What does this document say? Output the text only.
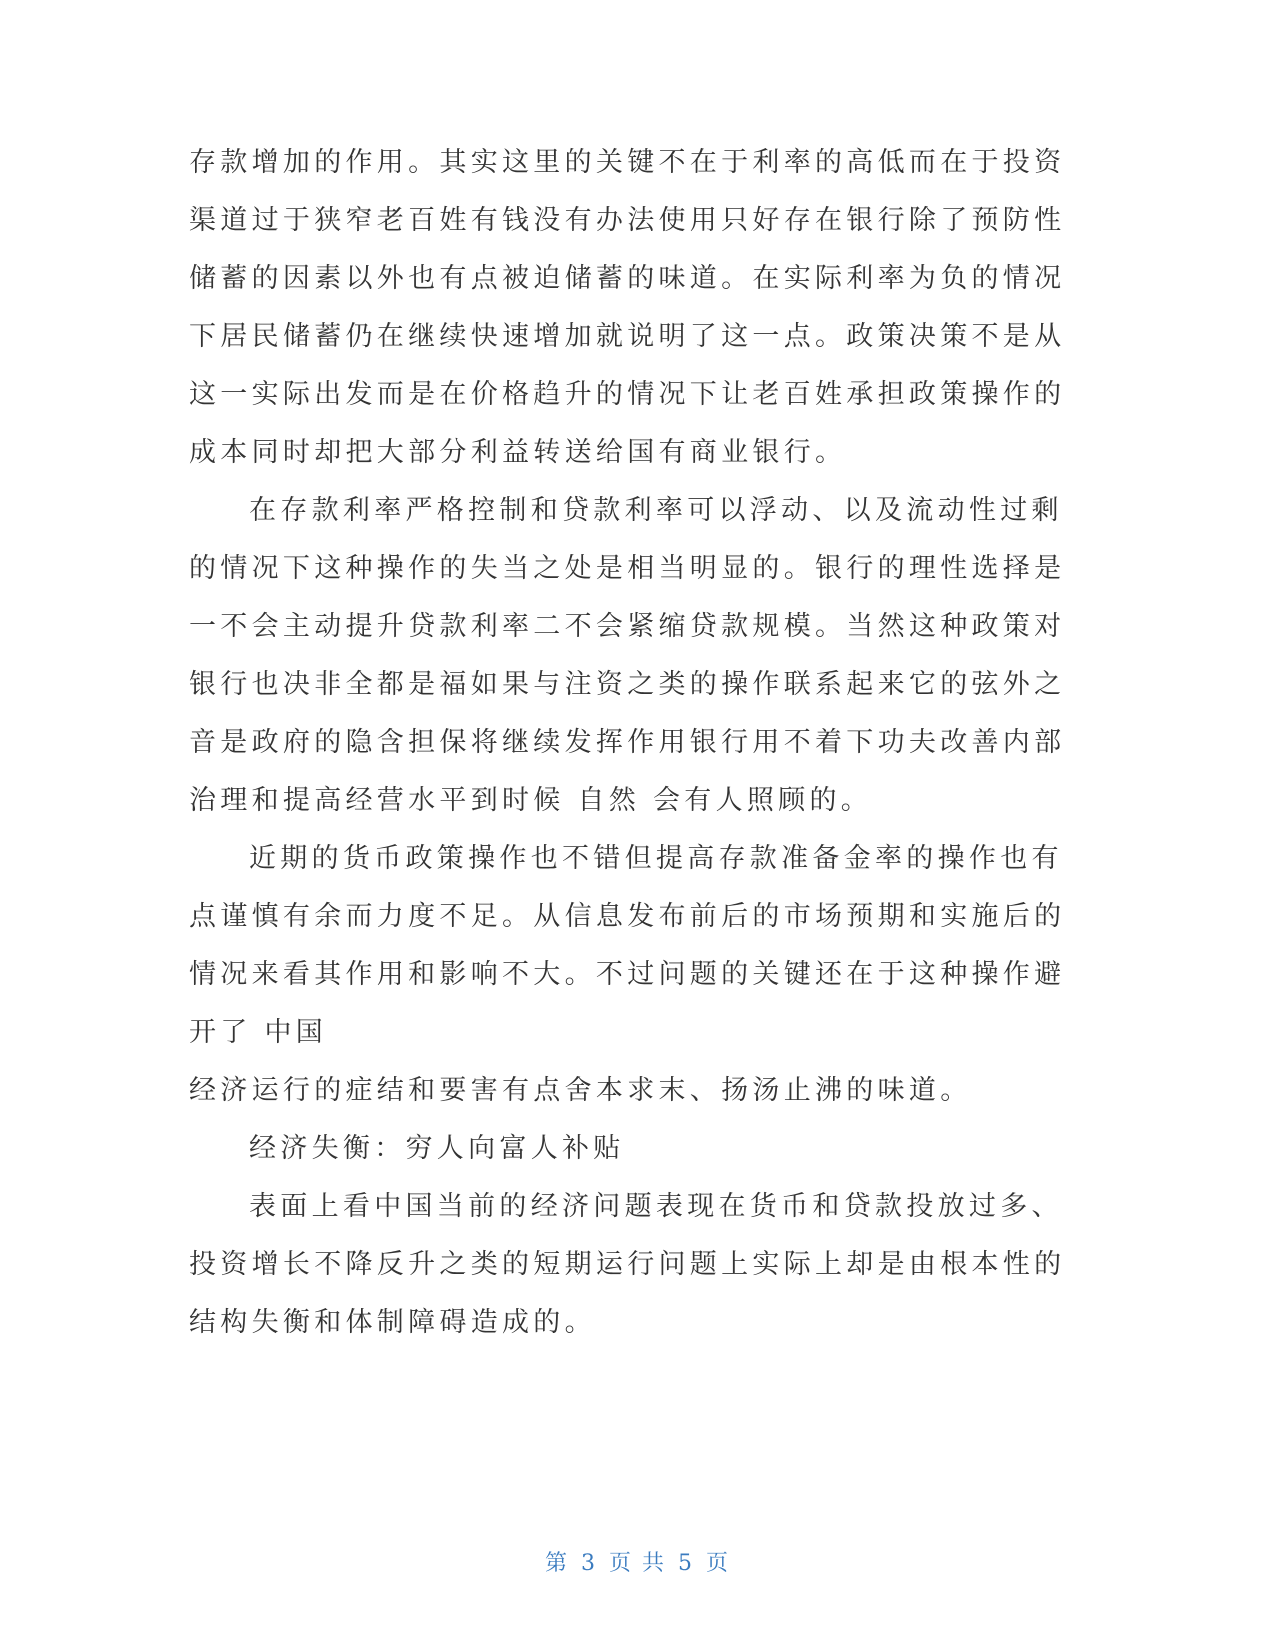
存款增加的作用。其实这里的关键不在于利率的高低而在于投资
渠道过于狭窄老百姓有钱没有办法使用只好存在银行除了预防性
储蓄的因素以外也有点被迫储蓄的味道。在实际利率为负的情况
下居民储蓄仍在继续快速增加就说明了这一点。政策决策不是从
这一实际出发而是在价格趋升的情况下让老百姓承担政策操作的
成本同时却把大部分利益转送给国有商业银行。
在存款利率严格控制和贷款利率可以浮动、以及流动性过剩
的情况下这种操作的失当之处是相当明显的。银行的理性选择是
一不会主动提升贷款利率二不会紧缩贷款规模。当然这种政策对
银行也决非全都是福如果与注资之类的操作联系起来它的弦外之
音是政府的隐含担保将继续发挥作用银行用不着下功夫改善内部
治理和提高经营水平到时候 自然 会有人照顾的。
近期的货币政策操作也不错但提高存款准备金率的操作也有
点谨慎有余而力度不足。从信息发布前后的市场预期和实施后的
情况来看其作用和影响不大。不过问题的关键还在于这种操作避
开了 中国
经济运行的症结和要害有点舍本求末、扬汤止沸的味道。
经济失衡：穷人向富人补贴
表面上看中国当前的经济问题表现在货币和贷款投放过多、
投资增长不降反升之类的短期运行问题上实际上却是由根本性的
结构失衡和体制障碍造成的。
第 3 页 共 5 页
